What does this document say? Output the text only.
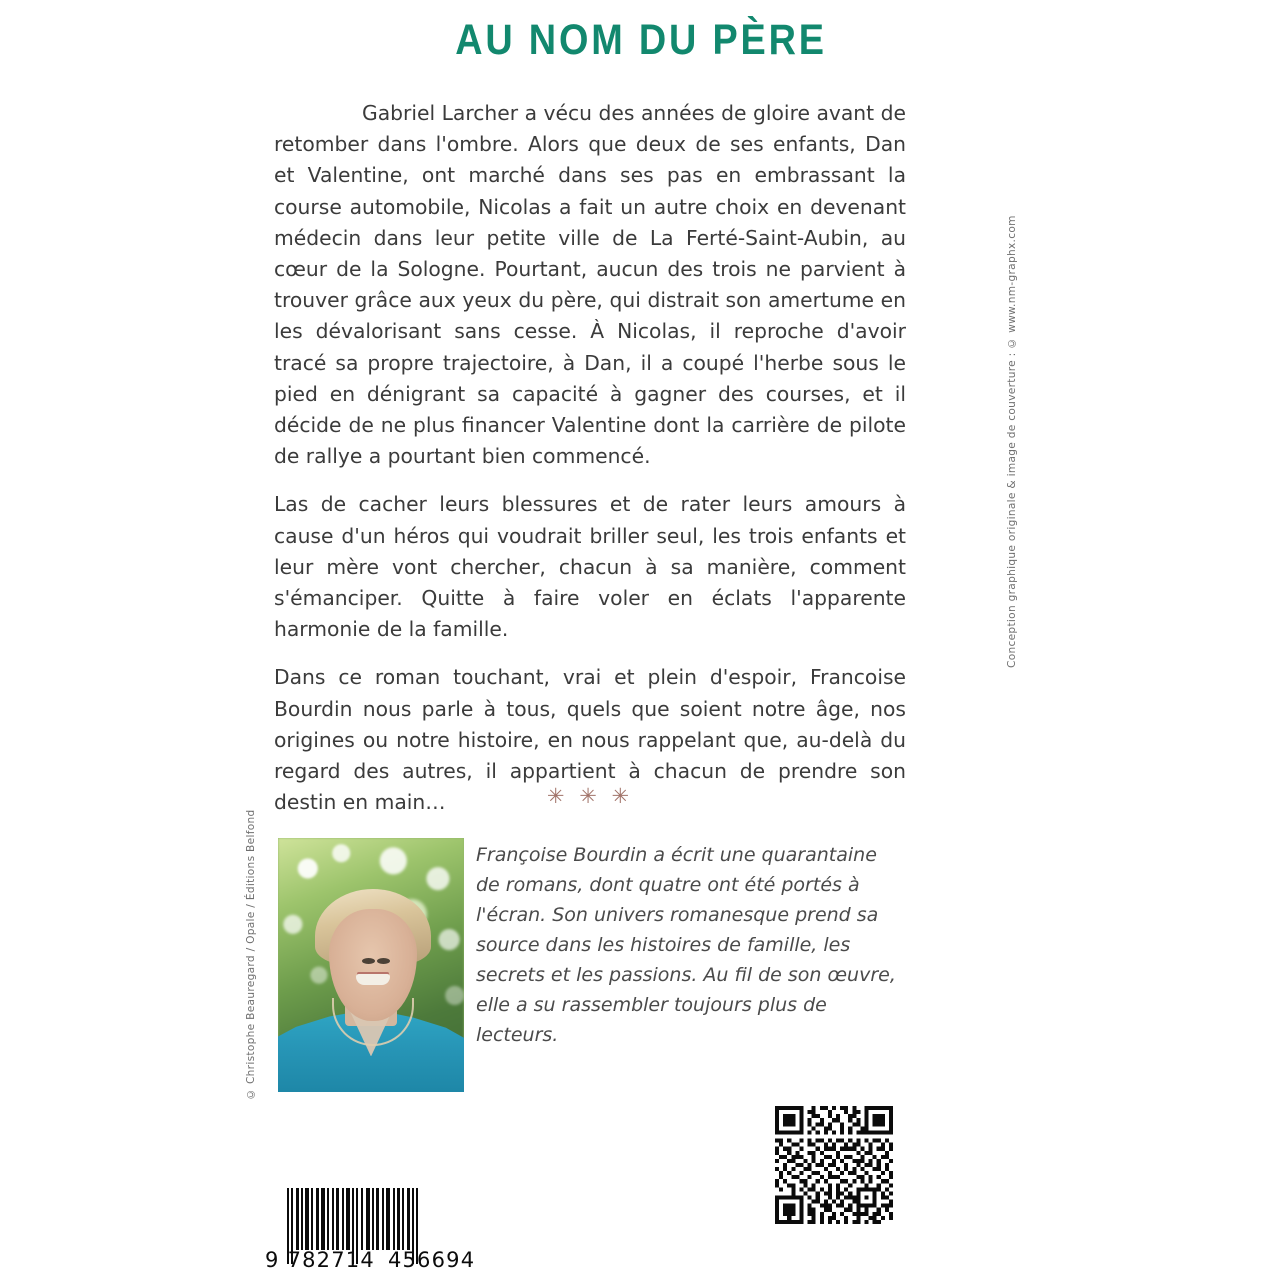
AU NOM DU PÈRE

Gabriel Larcher a vécu des années de gloire avant de retomber dans l'ombre. Alors que deux de ses enfants, Dan et Valentine, ont marché dans ses pas en embrassant la course automobile, Nicolas a fait un autre choix en devenant médecin dans leur petite ville de La Ferté-Saint-Aubin, au cœur de la Sologne. Pourtant, aucun des trois ne parvient à trouver grâce aux yeux du père, qui distrait son amertume en les dévalorisant sans cesse. À Nicolas, il reproche d'avoir tracé sa propre trajectoire, à Dan, il a coupé l'herbe sous le pied en dénigrant sa capacité à gagner des courses, et il décide de ne plus financer Valentine dont la carrière de pilote de rallye a pourtant bien commencé.

Las de cacher leurs blessures et de rater leurs amours à cause d'un héros qui voudrait briller seul, les trois enfants et leur mère vont chercher, chacun à sa manière, comment s'émanciper. Quitte à faire voler en éclats l'apparente harmonie de la famille.

Dans ce roman touchant, vrai et plein d'espoir, Francoise Bourdin nous parle à tous, quels que soient notre âge, nos origines ou notre histoire, en nous rappelant que, au-delà du regard des autres, il appartient à chacun de prendre son destin en main…	✳ ✳ ✳
© Christophe Beauregard / Opale / Éditions Belfond	Françoise Bourdin a écrit une quarantaine de romans, dont quatre ont été portés à l'écran. Son univers romanesque prend sa source dans les histoires de famille, les secrets et les passions. Au fil de son œuvre, elle a su rassembler toujours plus de lecteurs.

Conception graphique originale & image de couverture : © www.nm-graphx.com
9 782714 456694
